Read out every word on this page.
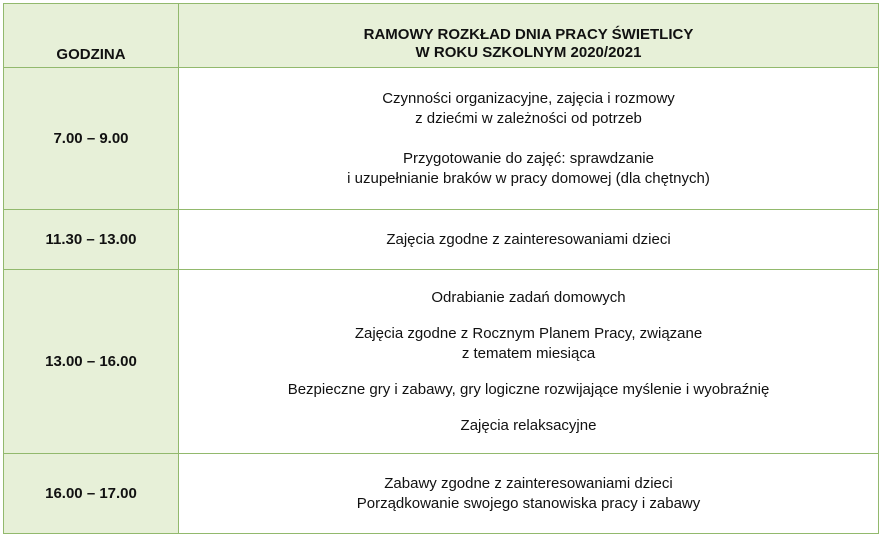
GODZINA	RAMOWY ROZKŁAD DNIA PRACY ŚWIETLICY
W ROKU SZKOLNYM 2020/2021

7.00 – 9.00	Czynności organizacyjne, zajęcia i rozmowy
z dziećmi w zależności od potrzeb
Przygotowanie do zajęć: sprawdzanie
i uzupełnianie braków w pracy domowej (dla chętnych)

11.30 – 13.00	Zajęcia zgodne z zainteresowaniami dzieci

13.00 – 16.00	Odrabianie zadań domowych
Zajęcia zgodne z Rocznym Planem Pracy, związane
z tematem miesiąca
Bezpieczne gry i zabawy, gry logiczne rozwijające myślenie i wyobraźnię
Zajęcia relaksacyjne

16.00 – 17.00	Zabawy zgodne z zainteresowaniami dzieci
Porządkowanie swojego stanowiska pracy i zabawy
